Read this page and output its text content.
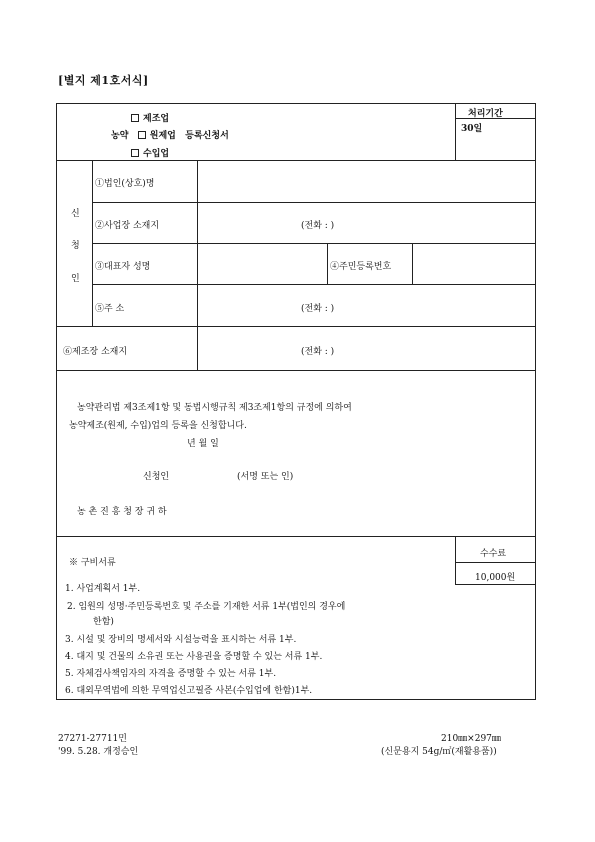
[별지 제1호서식]
제조업
농약 원제업 등록신청서
수입업
처리기간
30일
신
청
인
①법인(상호)명
②사업장 소재지	(전화 : )
③대표자 성명	④주민등록번호
⑤주 소	(전화 : )
⑥제조장 소재지	(전화 : )
농약관리법 제3조제1항 및 동법시행규칙 제3조제1항의 규정에 의하여
농약제조(원제, 수입)업의 등록을 신청합니다.
년 월 일
신청인	(서명 또는 인)
농 촌 진 흥 청 장 귀 하
※ 구비서류
1. 사업계획서 1부.
2. 임원의 성명·주민등록번호 및 주소를 기재한 서류 1부(법인의 경우에
한함)
3. 시설 및 장비의 명세서와 시설능력을 표시하는 서류 1부.
4. 대지 및 건물의 소유권 또는 사용권을 증명할 수 있는 서류 1부.
5. 자체검사책임자의 자격을 증명할 수 있는 서류 1부.
6. 대외무역법에 의한 무역업신고필증 사본(수입업에 한함)1부.
수수료
10,000원
27271-27711민
'99. 5.28. 개정승인
210㎜×297㎜
(신문용지 54g/㎡(재활용품))
